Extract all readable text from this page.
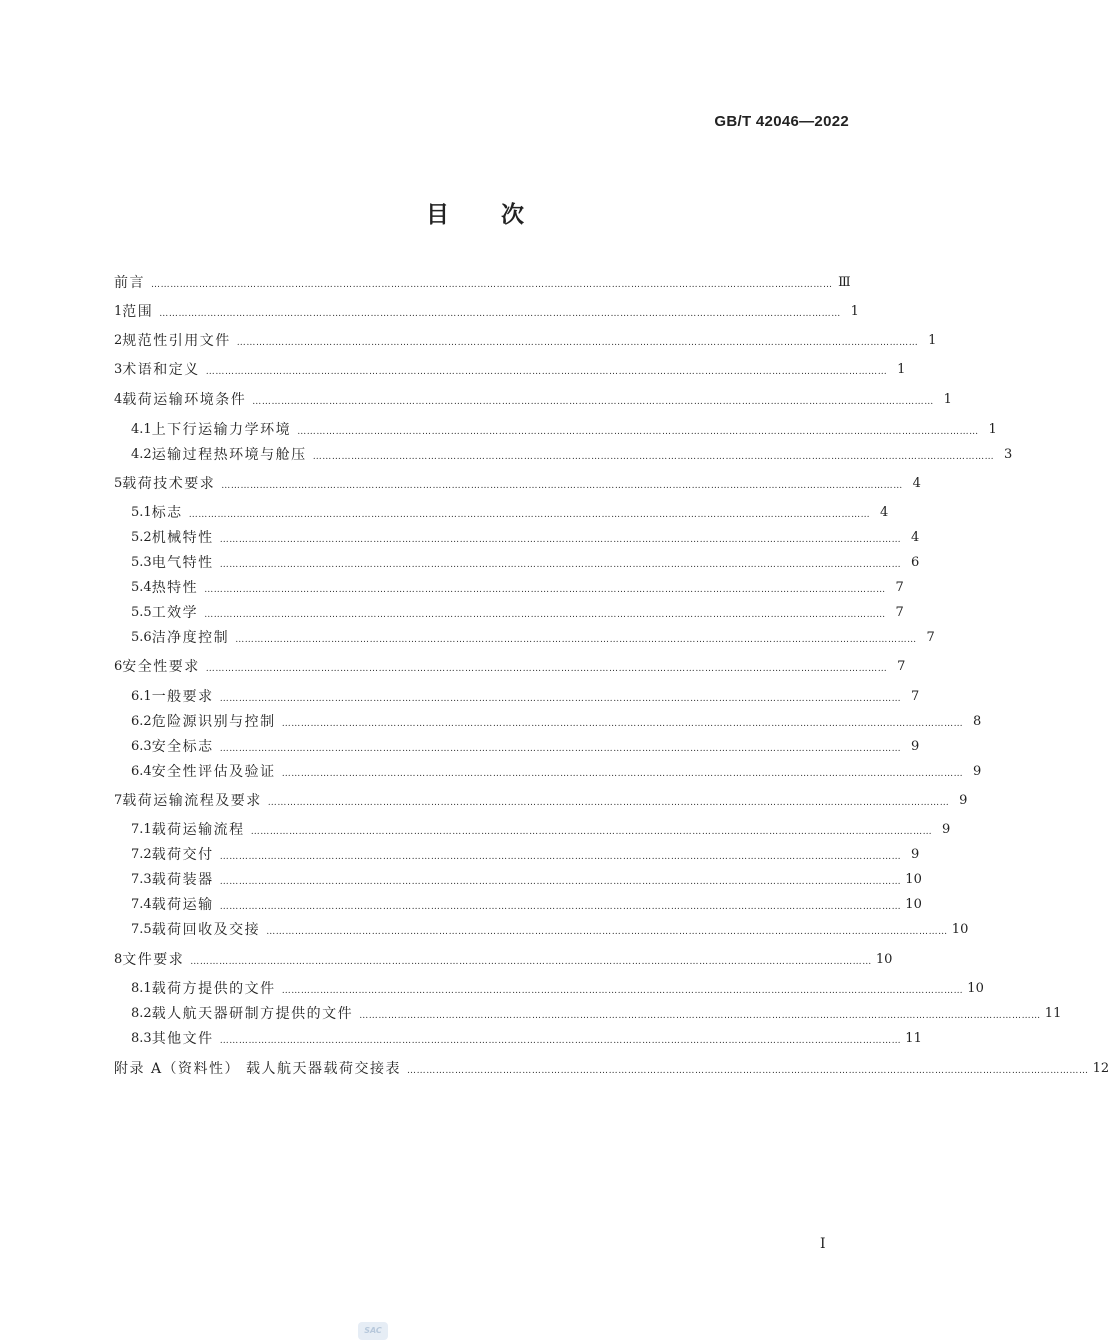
GB/T 42046—2022
目次
前言 …………………………………………………………………………………………………………………………………………………………………………………………… Ⅲ
1 范围 …………………………………………………………………………………………………………………………………………………………………………………………… 1
2 规范性引用文件 …………………………………………………………………………………………………………………………………………………………………………………………… 1
3 术语和定义 …………………………………………………………………………………………………………………………………………………………………………………………… 1
4 载荷运输环境条件 …………………………………………………………………………………………………………………………………………………………………………………………… 1
4.1 上下行运输力学环境 …………………………………………………………………………………………………………………………………………………………………………………………… 1
4.2 运输过程热环境与舱压 …………………………………………………………………………………………………………………………………………………………………………………………… 3
5 载荷技术要求 …………………………………………………………………………………………………………………………………………………………………………………………… 4
5.1 标志 …………………………………………………………………………………………………………………………………………………………………………………………… 4
5.2 机械特性 …………………………………………………………………………………………………………………………………………………………………………………………… 4
5.3 电气特性 …………………………………………………………………………………………………………………………………………………………………………………………… 6
5.4 热特性 …………………………………………………………………………………………………………………………………………………………………………………………… 7
5.5 工效学 …………………………………………………………………………………………………………………………………………………………………………………………… 7
5.6 洁净度控制 …………………………………………………………………………………………………………………………………………………………………………………………… 7
6 安全性要求 …………………………………………………………………………………………………………………………………………………………………………………………… 7
6.1 一般要求 …………………………………………………………………………………………………………………………………………………………………………………………… 7
6.2 危险源识别与控制 …………………………………………………………………………………………………………………………………………………………………………………………… 8
6.3 安全标志 …………………………………………………………………………………………………………………………………………………………………………………………… 9
6.4 安全性评估及验证 …………………………………………………………………………………………………………………………………………………………………………………………… 9
7 载荷运输流程及要求 …………………………………………………………………………………………………………………………………………………………………………………………… 9
7.1 载荷运输流程 …………………………………………………………………………………………………………………………………………………………………………………………… 9
7.2 载荷交付 …………………………………………………………………………………………………………………………………………………………………………………………… 9
7.3 载荷装器 …………………………………………………………………………………………………………………………………………………………………………………………… 10
7.4 载荷运输 …………………………………………………………………………………………………………………………………………………………………………………………… 10
7.5 载荷回收及交接 …………………………………………………………………………………………………………………………………………………………………………………………… 10
8 文件要求 …………………………………………………………………………………………………………………………………………………………………………………………… 10
8.1 载荷方提供的文件 …………………………………………………………………………………………………………………………………………………………………………………………… 10
8.2 载人航天器研制方提供的文件 …………………………………………………………………………………………………………………………………………………………………………………………… 11
8.3 其他文件 …………………………………………………………………………………………………………………………………………………………………………………………… 11
附录 A（资料性） 载人航天器载荷交接表 …………………………………………………………………………………………………………………………………………………………………………………………… 12
Ⅰ
SAC
